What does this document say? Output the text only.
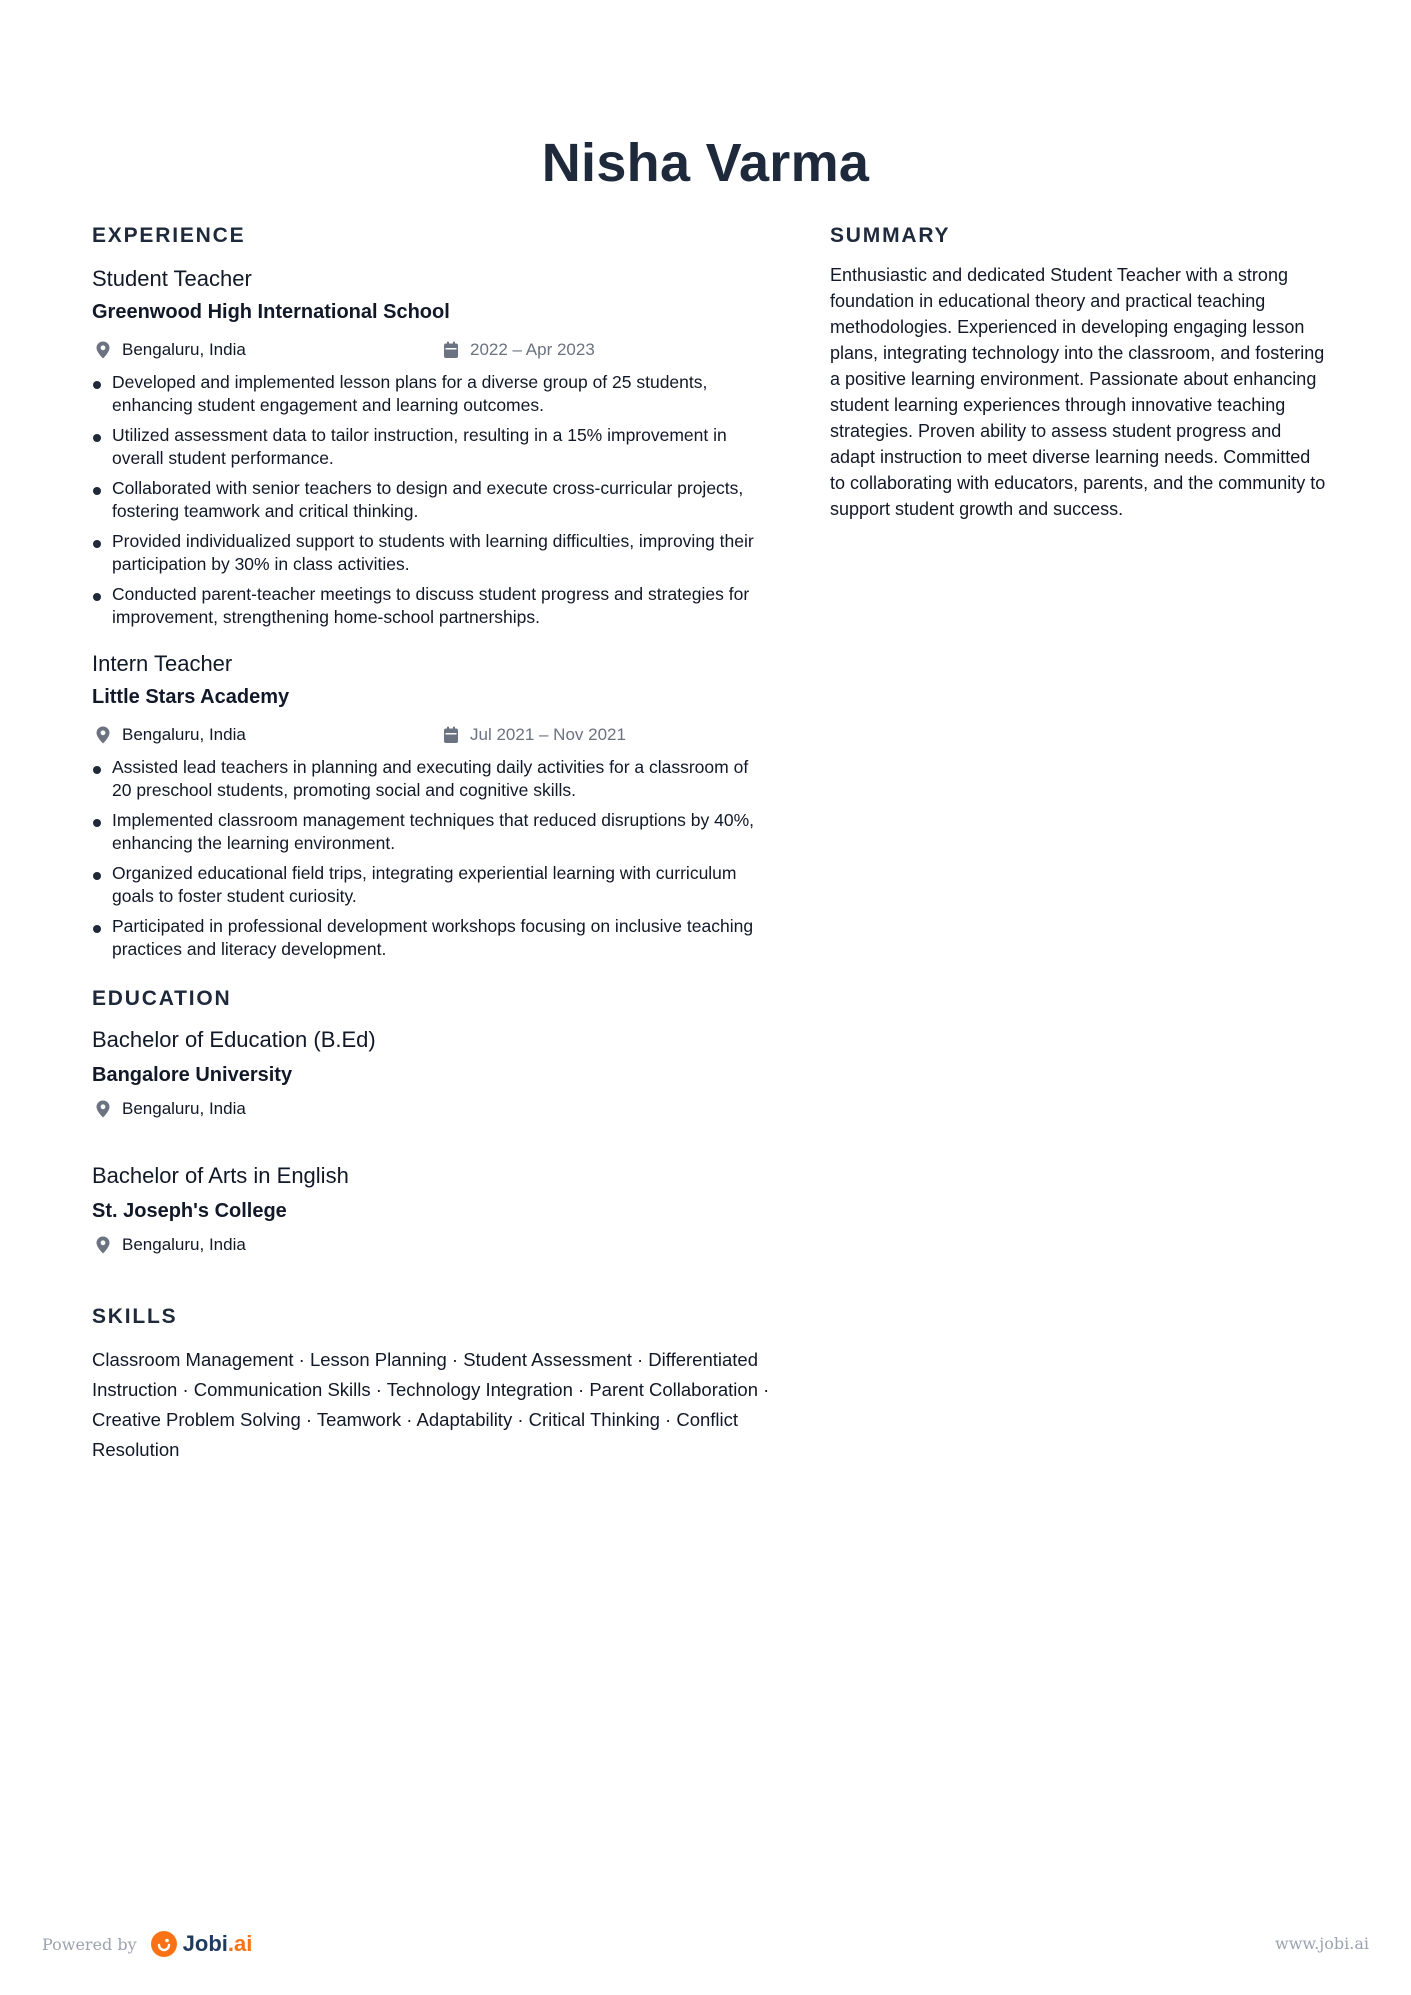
Nisha Varma
EXPERIENCE
Student Teacher
Greenwood High International School
Bengaluru, India	2022 – Apr 2023
Developed and implemented lesson plans for a diverse group of 25 students, enhancing student engagement and learning outcomes.
Utilized assessment data to tailor instruction, resulting in a 15% improvement in overall student performance.
Collaborated with senior teachers to design and execute cross-curricular projects, fostering teamwork and critical thinking.
Provided individualized support to students with learning difficulties, improving their participation by 30% in class activities.
Conducted parent-teacher meetings to discuss student progress and strategies for improvement, strengthening home-school partnerships.
Intern Teacher
Little Stars Academy
Bengaluru, India	Jul 2021 – Nov 2021
Assisted lead teachers in planning and executing daily activities for a classroom of 20 preschool students, promoting social and cognitive skills.
Implemented classroom management techniques that reduced disruptions by 40%, enhancing the learning environment.
Organized educational field trips, integrating experiential learning with curriculum goals to foster student curiosity.
Participated in professional development workshops focusing on inclusive teaching practices and literacy development.
EDUCATION
Bachelor of Education (B.Ed)
Bangalore University
Bengaluru, India
Bachelor of Arts in English
St. Joseph's College
Bengaluru, India
SKILLS

Classroom Management · Lesson Planning · Student Assessment · Differentiated Instruction · Communication Skills · Technology Integration · Parent Collaboration · Creative Problem Solving · Teamwork · Adaptability · Critical Thinking · Conflict Resolution

SUMMARY

Enthusiastic and dedicated Student Teacher with a strong foundation in educational theory and practical teaching methodologies. Experienced in developing engaging lesson plans, integrating technology into the classroom, and fostering a positive learning environment. Passionate about enhancing student learning experiences through innovative teaching strategies. Proven ability to assess student progress and adapt instruction to meet diverse learning needs. Committed to collaborating with educators, parents, and the community to support student growth and success.

Powered by Jobi.ai	www.jobi.ai
